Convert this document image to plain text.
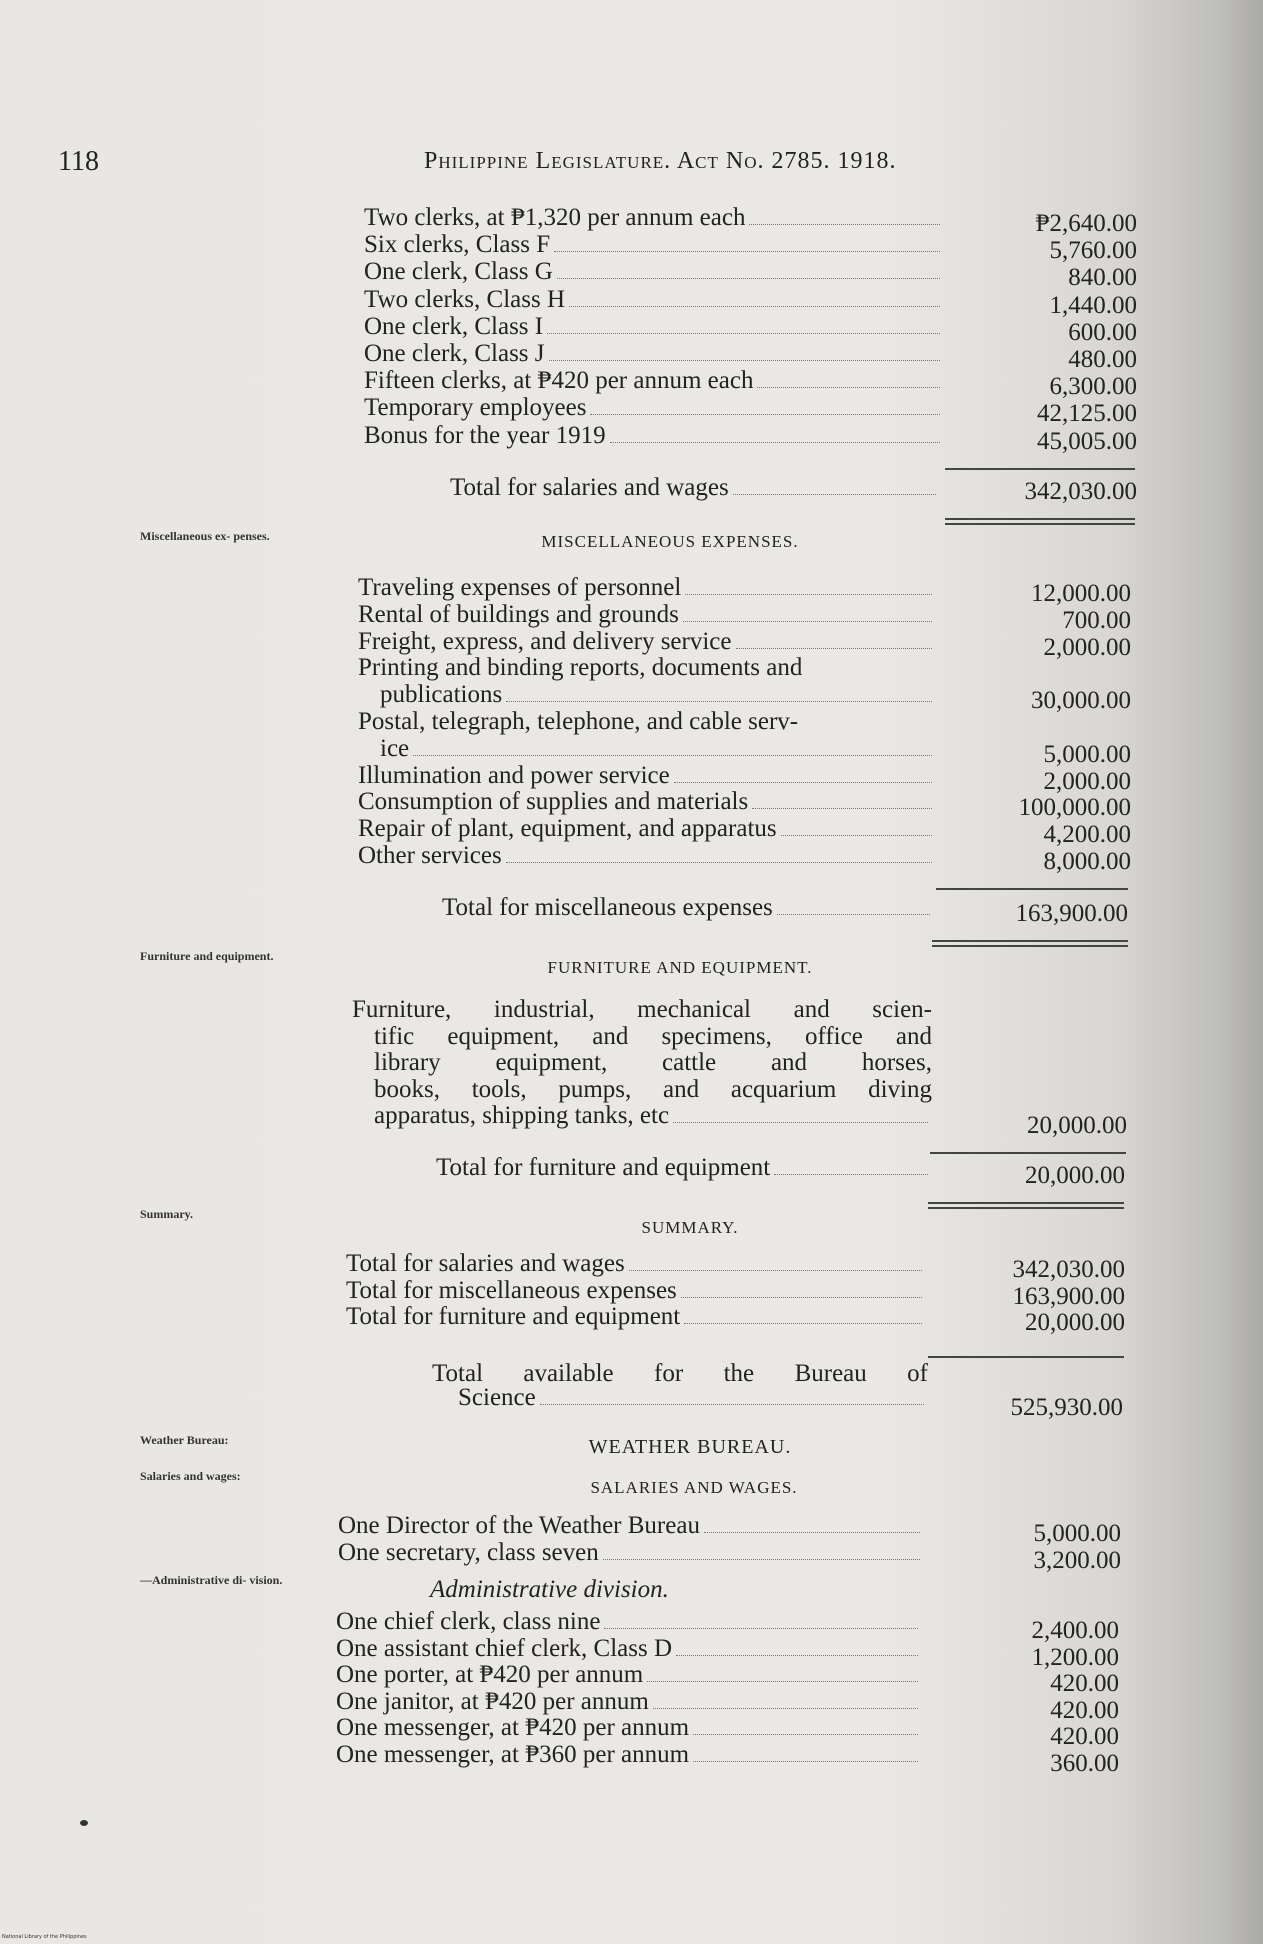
118	Philippine Legislature. Act No. 2785. 1918.
Two clerks, at ₱1,320 per annum each	₱2,640.00
Six clerks, Class F	5,760.00
One clerk, Class G	840.00
Two clerks, Class H	1,440.00
One clerk, Class I	600.00
One clerk, Class J	480.00
Fifteen clerks, at ₱420 per annum each	6,300.00
Temporary employees	42,125.00
Bonus for the year 1919	45,005.00
Total for salaries and wages	342,030.00
Miscellaneous ex- penses.	MISCELLANEOUS EXPENSES.
Traveling expenses of personnel	12,000.00
Rental of buildings and grounds	700.00
Freight, express, and delivery service	2,000.00
Printing and binding reports, documents and
publications	30,000.00
Postal, telegraph, telephone, and cable serv-
ice	5,000.00
Illumination and power service	2,000.00
Consumption of supplies and materials	100,000.00
Repair of plant, equipment, and apparatus	4,200.00
Other services	8,000.00
Total for miscellaneous expenses	163,900.00
Furniture and equipment.
FURNITURE AND EQUIPMENT.
Furniture, industrial, mechanical and scien-
tific equipment, and specimens, office and
library equipment, cattle and horses,
books, tools, pumps, and acquarium diving
apparatus, shipping tanks, etc	20,000.00
Total for furniture and equipment	20,000.00
Summary.
SUMMARY.
Total for salaries and wages	342,030.00
Total for miscellaneous expenses	163,900.00
Total for furniture and equipment	20,000.00
Total available for the Bureau of
Science	525,930.00
Weather Bureau:	WEATHER BUREAU.
Salaries and wages:
SALARIES AND WAGES.
One Director of the Weather Bureau	5,000.00
One secretary, class seven	3,200.00
—Administrative di- vision.	Administrative division.
One chief clerk, class nine	2,400.00
One assistant chief clerk, Class D	1,200.00
One porter, at ₱420 per annum	420.00
One janitor, at ₱420 per annum	420.00
One messenger, at ₱420 per annum	420.00
One messenger, at ₱360 per annum	360.00
National Library of the Philippines
